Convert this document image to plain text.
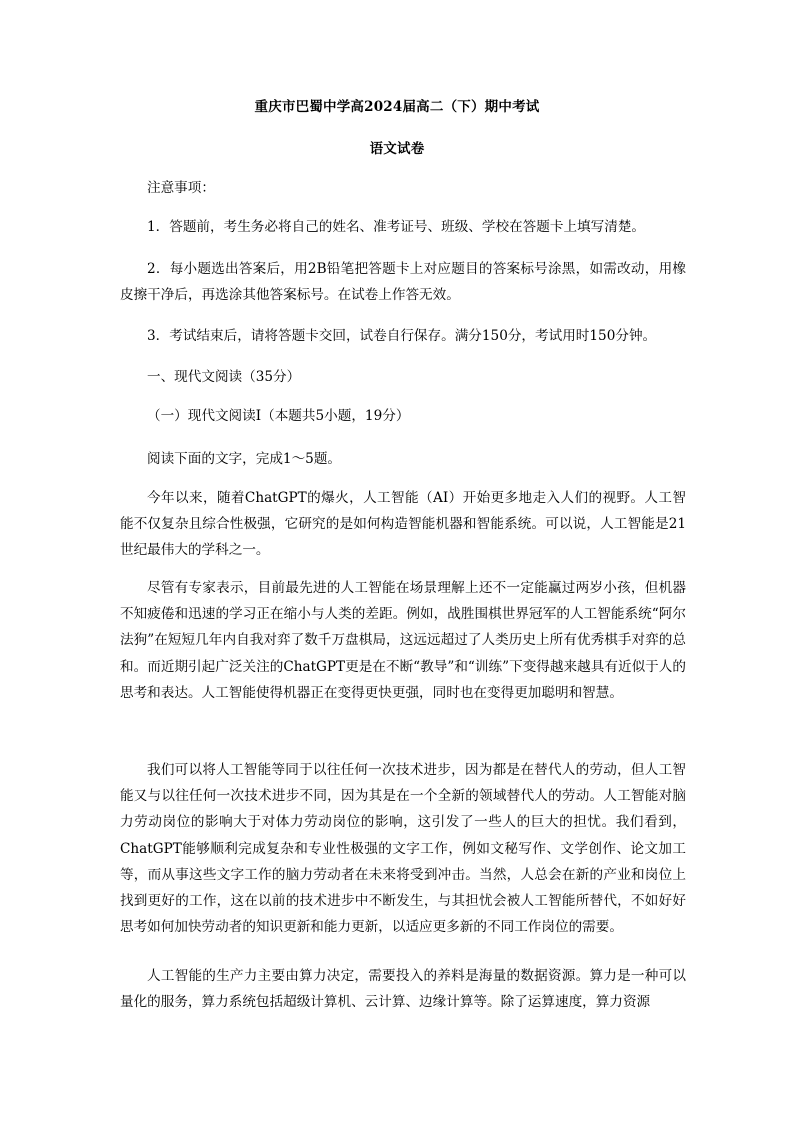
重庆市巴蜀中学高2024届高二（下）期中考试
语文试卷
注意事项：
1．答题前，考生务必将自己的姓名、准考证号、班级、学校在答题卡上填写清楚。
2．每小题选出答案后，用2B铅笔把答题卡上对应题目的答案标号涂黑，如需改动，用橡皮擦干净后，再选涂其他答案标号。在试卷上作答无效。
3．考试结束后，请将答题卡交回，试卷自行保存。满分150分，考试用时150分钟。
一、现代文阅读（35分）
（一）现代文阅读I（本题共5小题，19分）
阅读下面的文字，完成1～5题。
今年以来，随着ChatGPT的爆火，人工智能（AI）开始更多地走入人们的视野。人工智能不仅复杂且综合性极强，它研究的是如何构造智能机器和智能系统。可以说，人工智能是21世纪最伟大的学科之一。
尽管有专家表示，目前最先进的人工智能在场景理解上还不一定能赢过两岁小孩，但机器不知疲倦和迅速的学习正在缩小与人类的差距。例如，战胜围棋世界冠军的人工智能系统“阿尔法狗”在短短几年内自我对弈了数千万盘棋局，这远远超过了人类历史上所有优秀棋手对弈的总和。而近期引起广泛关注的ChatGPT更是在不断“教导”和“训练”下变得越来越具有近似于人的思考和表达。人工智能使得机器正在变得更快更强，同时也在变得更加聪明和智慧。
我们可以将人工智能等同于以往任何一次技术进步，因为都是在替代人的劳动，但人工智能又与以往任何一次技术进步不同，因为其是在一个全新的领域替代人的劳动。人工智能对脑力劳动岗位的影响大于对体力劳动岗位的影响，这引发了一些人的巨大的担忧。我们看到，ChatGPT能够顺利完成复杂和专业性极强的文字工作，例如文秘写作、文学创作、论文加工等，而从事这些文字工作的脑力劳动者在未来将受到冲击。当然，人总会在新的产业和岗位上找到更好的工作，这在以前的技术进步中不断发生，与其担忧会被人工智能所替代，不如好好思考如何加快劳动者的知识更新和能力更新，以适应更多新的不同工作岗位的需要。
人工智能的生产力主要由算力决定，需要投入的养料是海量的数据资源。算力是一种可以量化的服务，算力系统包括超级计算机、云计算、边缘计算等。除了运算速度，算力资源
